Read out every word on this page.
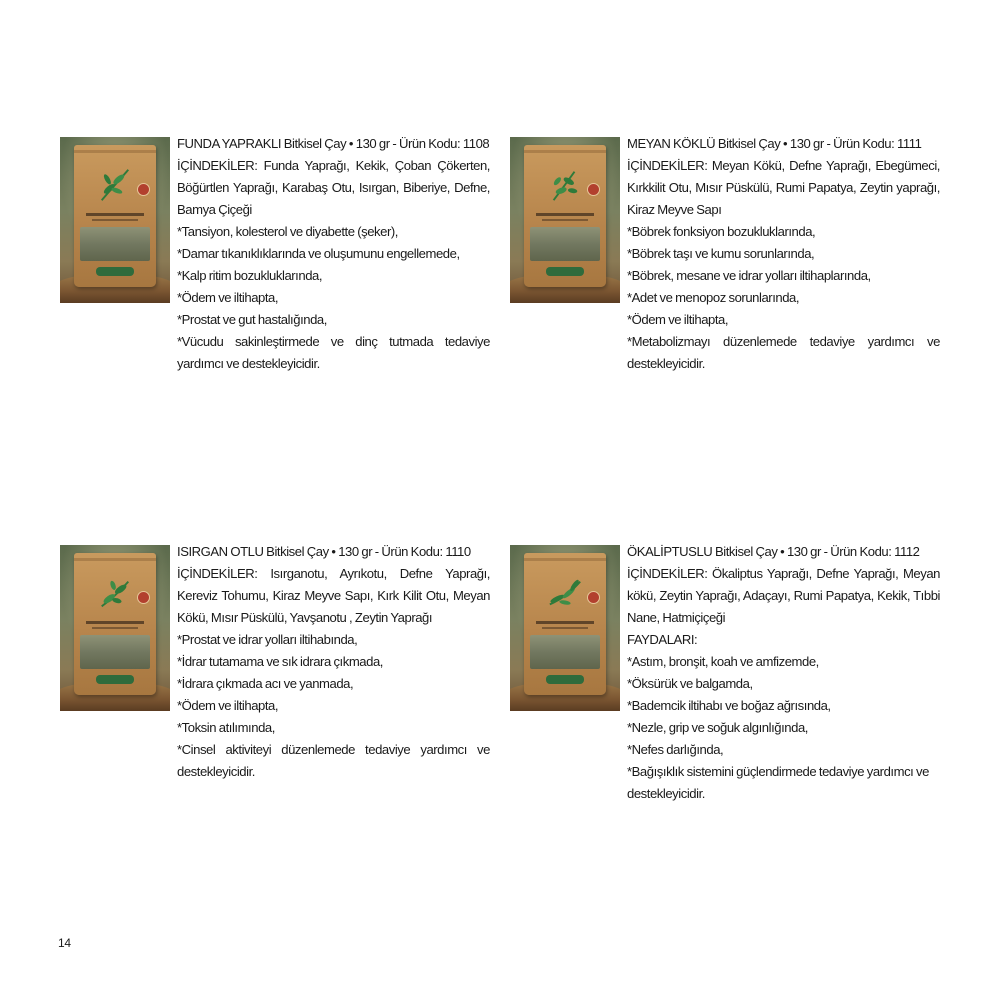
FUNDA YAPRAKLI Bitkisel Çay • 130 gr - Ürün Kodu: 1108

İÇİNDEKİLER: Funda Yaprağı, Kekik, Çoban Çökerten, Böğürtlen Yaprağı, Karabaş Otu, Isırgan, Biberiye, Defne, Bamya Çiçeği

*Tansiyon, kolesterol ve diyabette (şeker),

*Damar tıkanıklıklarında ve oluşumunu engellemede,

*Kalp ritim bozukluklarında,

*Ödem ve iltihapta,

*Prostat ve gut hastalığında,

*Vücudu sakinleştirmede ve dinç tutmada tedaviye yardımcı ve destekleyicidir.

MEYAN KÖKLÜ Bitkisel Çay • 130 gr - Ürün Kodu: 1111

İÇİNDEKİLER: Meyan Kökü, Defne Yaprağı, Ebegümeci, Kırkkilit Otu, Mısır Püskülü, Rumi Papatya, Zeytin yaprağı, Kiraz Meyve Sapı

*Böbrek fonksiyon bozukluklarında,

*Böbrek taşı ve kumu sorunlarında,

*Böbrek, mesane ve idrar yolları iltihaplarında,

*Adet ve menopoz sorunlarında,

*Ödem ve iltihapta,

*Metabolizmayı düzenlemede tedaviye yardımcı ve destekleyicidir.

ISIRGAN OTLU Bitkisel Çay • 130 gr - Ürün Kodu: 1110

İÇİNDEKİLER: Isırganotu, Ayrıkotu, Defne Yaprağı, Kereviz Tohumu, Kiraz Meyve Sapı, Kırk Kilit Otu, Meyan Kökü, Mısır Püskülü, Yavşanotu , Zeytin Yaprağı

*Prostat ve idrar yolları iltihabında,

*İdrar tutamama ve sık idrara çıkmada,

*İdrara çıkmada acı ve yanmada,

*Ödem ve iltihapta,

*Toksin atılımında,

*Cinsel aktiviteyi düzenlemede tedaviye yardımcı ve destekleyicidir.

ÖKALİPTUSLU Bitkisel Çay • 130 gr - Ürün Kodu: 1112

İÇİNDEKİLER: Ökaliptus Yaprağı, Defne Yaprağı, Meyan kökü, Zeytin Yaprağı, Adaçayı, Rumi Papatya, Kekik, Tıbbi Nane, Hatmiçiçeği

FAYDALARI:

*Astım, bronşit, koah ve amfizemde,

*Öksürük ve balgamda,

*Bademcik iltihabı ve boğaz ağrısında,

*Nezle, grip ve soğuk algınlığında,

*Nefes darlığında,

*Bağışıklık sistemini güçlendirmede tedaviye yardımcı ve destekleyicidir.

14
